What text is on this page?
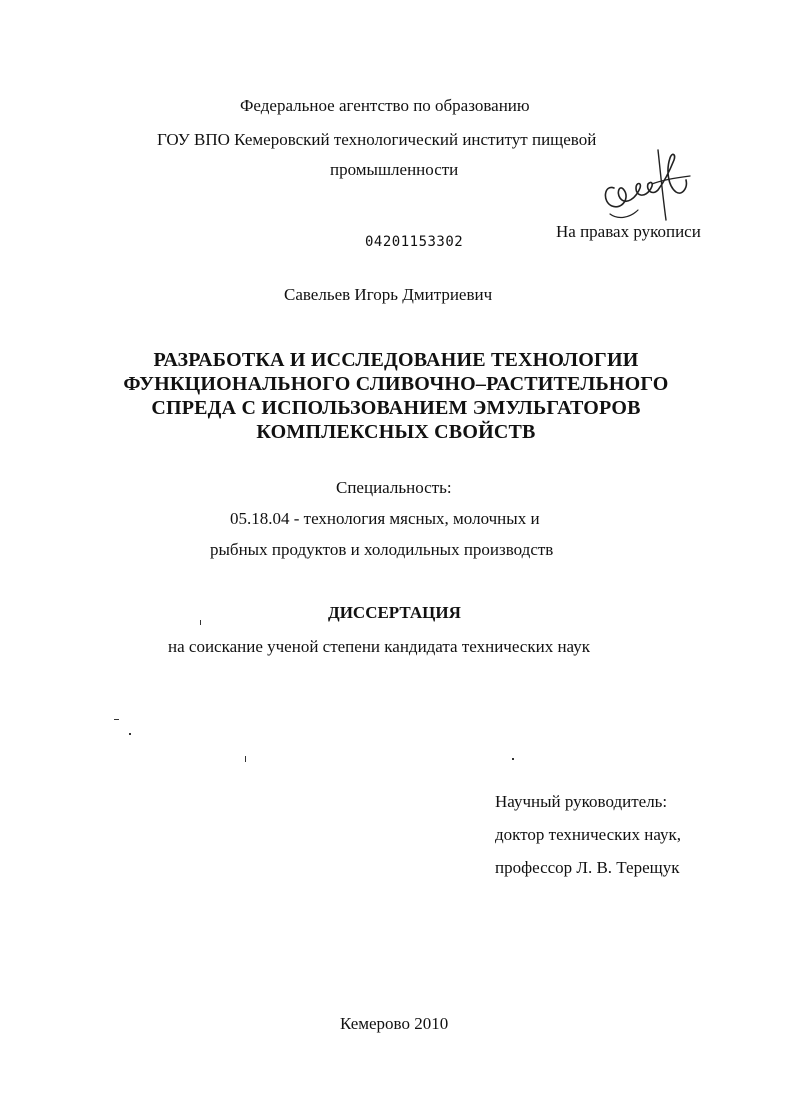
Федеральное агентство по образованию
ГОУ ВПО Кемеровский технологический институт пищевой
промышленности
На правах рукописи
04201153302
Савельев Игорь Дмитриевич
РАЗРАБОТКА И ИССЛЕДОВАНИЕ ТЕХНОЛОГИИ
ФУНКЦИОНАЛЬНОГО СЛИВОЧНО–РАСТИТЕЛЬНОГО
СПРЕДА С ИСПОЛЬЗОВАНИЕМ ЭМУЛЬГАТОРОВ
КОМПЛЕКСНЫХ СВОЙСТВ
Специальность:
05.18.04 - технология мясных, молочных и
рыбных продуктов и холодильных производств
ДИССЕРТАЦИЯ
на соискание ученой степени кандидата технических наук
Научный руководитель:
доктор технических наук,
профессор Л. В. Терещук
Кемерово 2010
